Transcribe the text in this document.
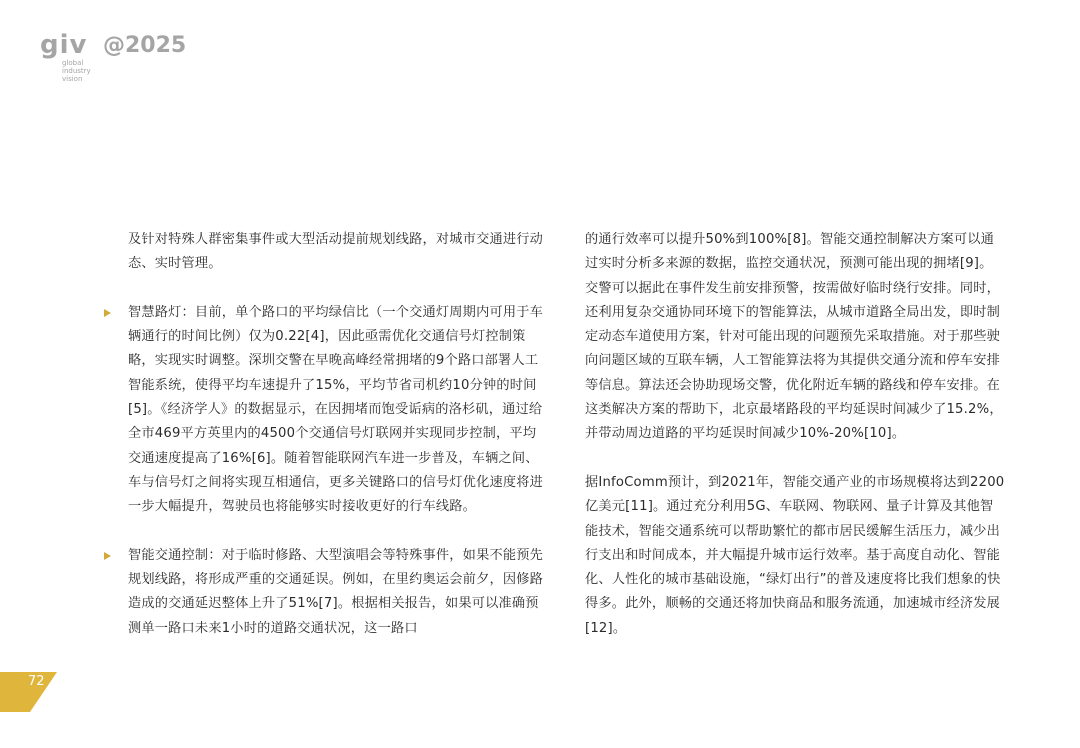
giv @2025
global
industry
vision

及针对特殊人群密集事件或大型活动提前规划线路，对城市交通进行动态、实时管理。

智慧路灯：目前，单个路口的平均绿信比（一个交通灯周期内可用于车辆通行的时间比例）仅为0.22[4]，因此亟需优化交通信号灯控制策略，实现实时调整。深圳交警在早晚高峰经常拥堵的9个路口部署人工智能系统，使得平均车速提升了15%，平均节省司机约10分钟的时间[5]。《经济学人》的数据显示，在因拥堵而饱受诟病的洛杉矶，通过给全市469平方英里内的4500个交通信号灯联网并实现同步控制，平均交通速度提高了16%[6]。随着智能联网汽车进一步普及，车辆之间、车与信号灯之间将实现互相通信，更多关键路口的信号灯优化速度将进一步大幅提升，驾驶员也将能够实时接收更好的行车线路。

智能交通控制：对于临时修路、大型演唱会等特殊事件，如果不能预先规划线路，将形成严重的交通延误。例如，在里约奥运会前夕，因修路造成的交通延迟整体上升了51%[7]。根据相关报告，如果可以准确预测单一路口未来1小时的道路交通状况，这一路口

的通行效率可以提升50%到100%[8]。智能交通控制解决方案可以通过实时分析多来源的数据，监控交通状况，预测可能出现的拥堵[9]。交警可以据此在事件发生前安排预警，按需做好临时绕行安排。同时，还利用复杂交通协同环境下的智能算法，从城市道路全局出发，即时制定动态车道使用方案，针对可能出现的问题预先采取措施。对于那些驶向问题区域的互联车辆，人工智能算法将为其提供交通分流和停车安排等信息。算法还会协助现场交警，优化附近车辆的路线和停车安排。在这类解决方案的帮助下，北京最堵路段的平均延误时间减少了15.2%，并带动周边道路的平均延误时间减少10%-20%[10]。

据InfoComm预计，到2021年，智能交通产业的市场规模将达到2200亿美元[11]。通过充分利用5G、车联网、物联网、量子计算及其他智能技术，智能交通系统可以帮助繁忙的都市居民缓解生活压力，减少出行支出和时间成本，并大幅提升城市运行效率。基于高度自动化、智能化、人性化的城市基础设施，“绿灯出行”的普及速度将比我们想象的快得多。此外，顺畅的交通还将加快商品和服务流通，加速城市经济发展[12]。

72
